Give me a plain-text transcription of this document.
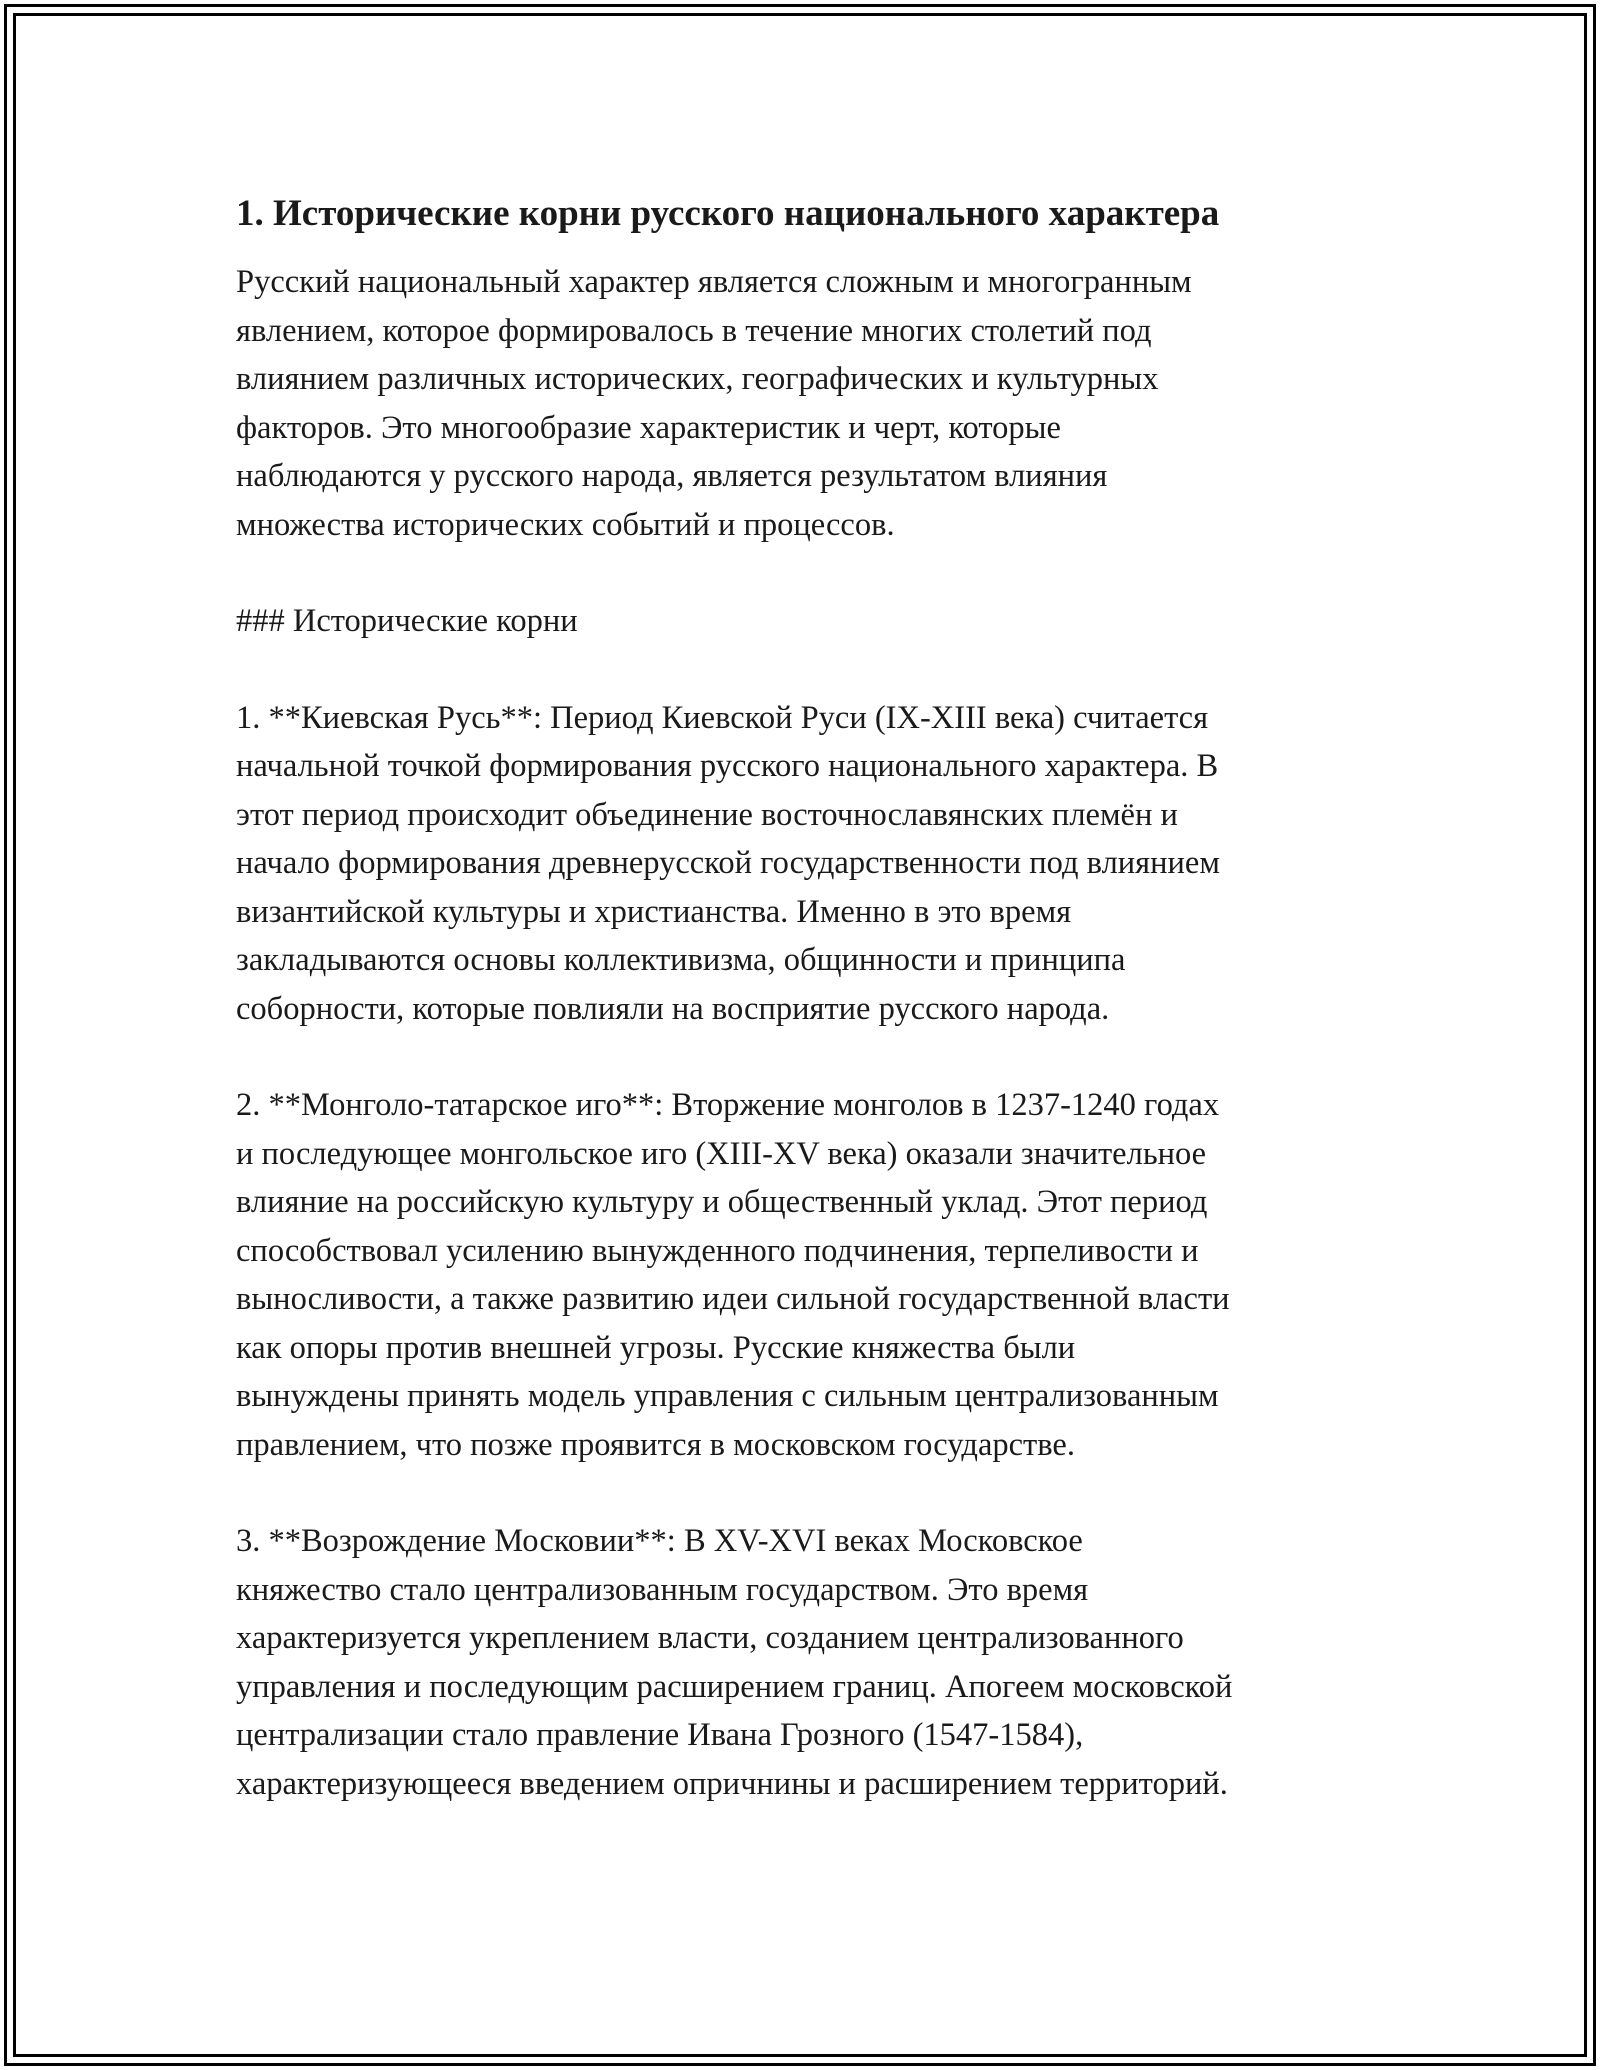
1. Исторические корни русского национального характера
Русский национальный характер является сложным и многогранным
явлением, которое формировалось в течение многих столетий под
влиянием различных исторических, географических и культурных
факторов. Это многообразие характеристик и черт, которые
наблюдаются у русского народа, является результатом влияния
множества исторических событий и процессов.
### Исторические корни
1. **Киевская Русь**: Период Киевской Руси (IX-XIII века) считается
начальной точкой формирования русского национального характера. В
этот период происходит объединение восточнославянских племён и
начало формирования древнерусской государственности под влиянием
византийской культуры и христианства. Именно в это время
закладываются основы коллективизма, общинности и принципа
соборности, которые повлияли на восприятие русского народа.
2. **Монголо-татарское иго**: Вторжение монголов в 1237-1240 годах
и последующее монгольское иго (XIII-XV века) оказали значительное
влияние на российскую культуру и общественный уклад. Этот период
способствовал усилению вынужденного подчинения, терпеливости и
выносливости, а также развитию идеи сильной государственной власти
как опоры против внешней угрозы. Русские княжества были
вынуждены принять модель управления с сильным централизованным
правлением, что позже проявится в московском государстве.
3. **Возрождение Московии**: В XV-XVI веках Московское
княжество стало централизованным государством. Это время
характеризуется укреплением власти, созданием централизованного
управления и последующим расширением границ. Апогеем московской
централизации стало правление Ивана Грозного (1547-1584),
характеризующееся введением опричнины и расширением территорий.
